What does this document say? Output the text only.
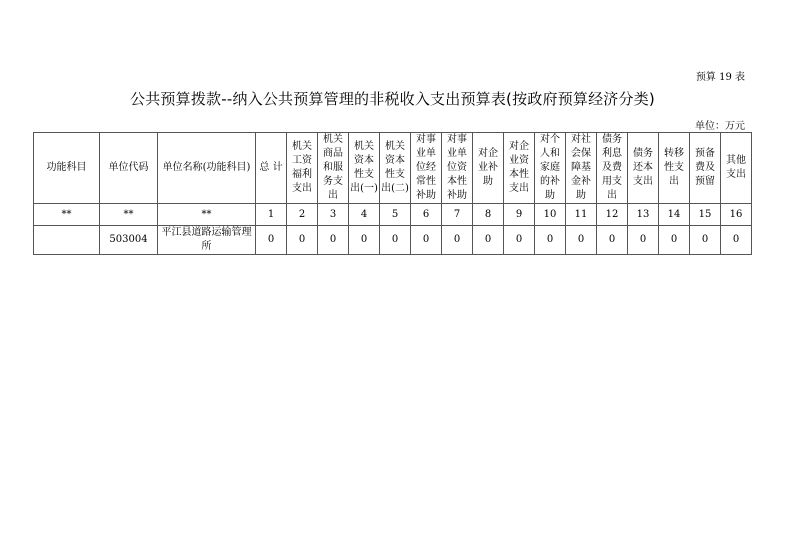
预算 19 表
公共预算拨款--纳入公共预算管理的非税收入支出预算表(按政府预算经济分类)
单位：万元
功能科目	单位代码	单位名称(功能科目)	总 计	机关工资福利支出	机关商品和服务支出	机关资本性支出(一)	机关资本性支出(二)	对事业单位经常性补助	对事业单位资本性补助	对企业补助	对企业资本性支出	对个人和家庭的补助	对社会保障基金补助	债务利息及费用支出	债务还本支出	转移性支出	预备费及预留	其他支出
**	**	**	1	2	3	4	5	6	7	8	9	10	11	12	13	14	15	16
	503004	平江县道路运输管理所	0	0	0	0	0	0	0	0	0	0	0	0	0	0	0	0
